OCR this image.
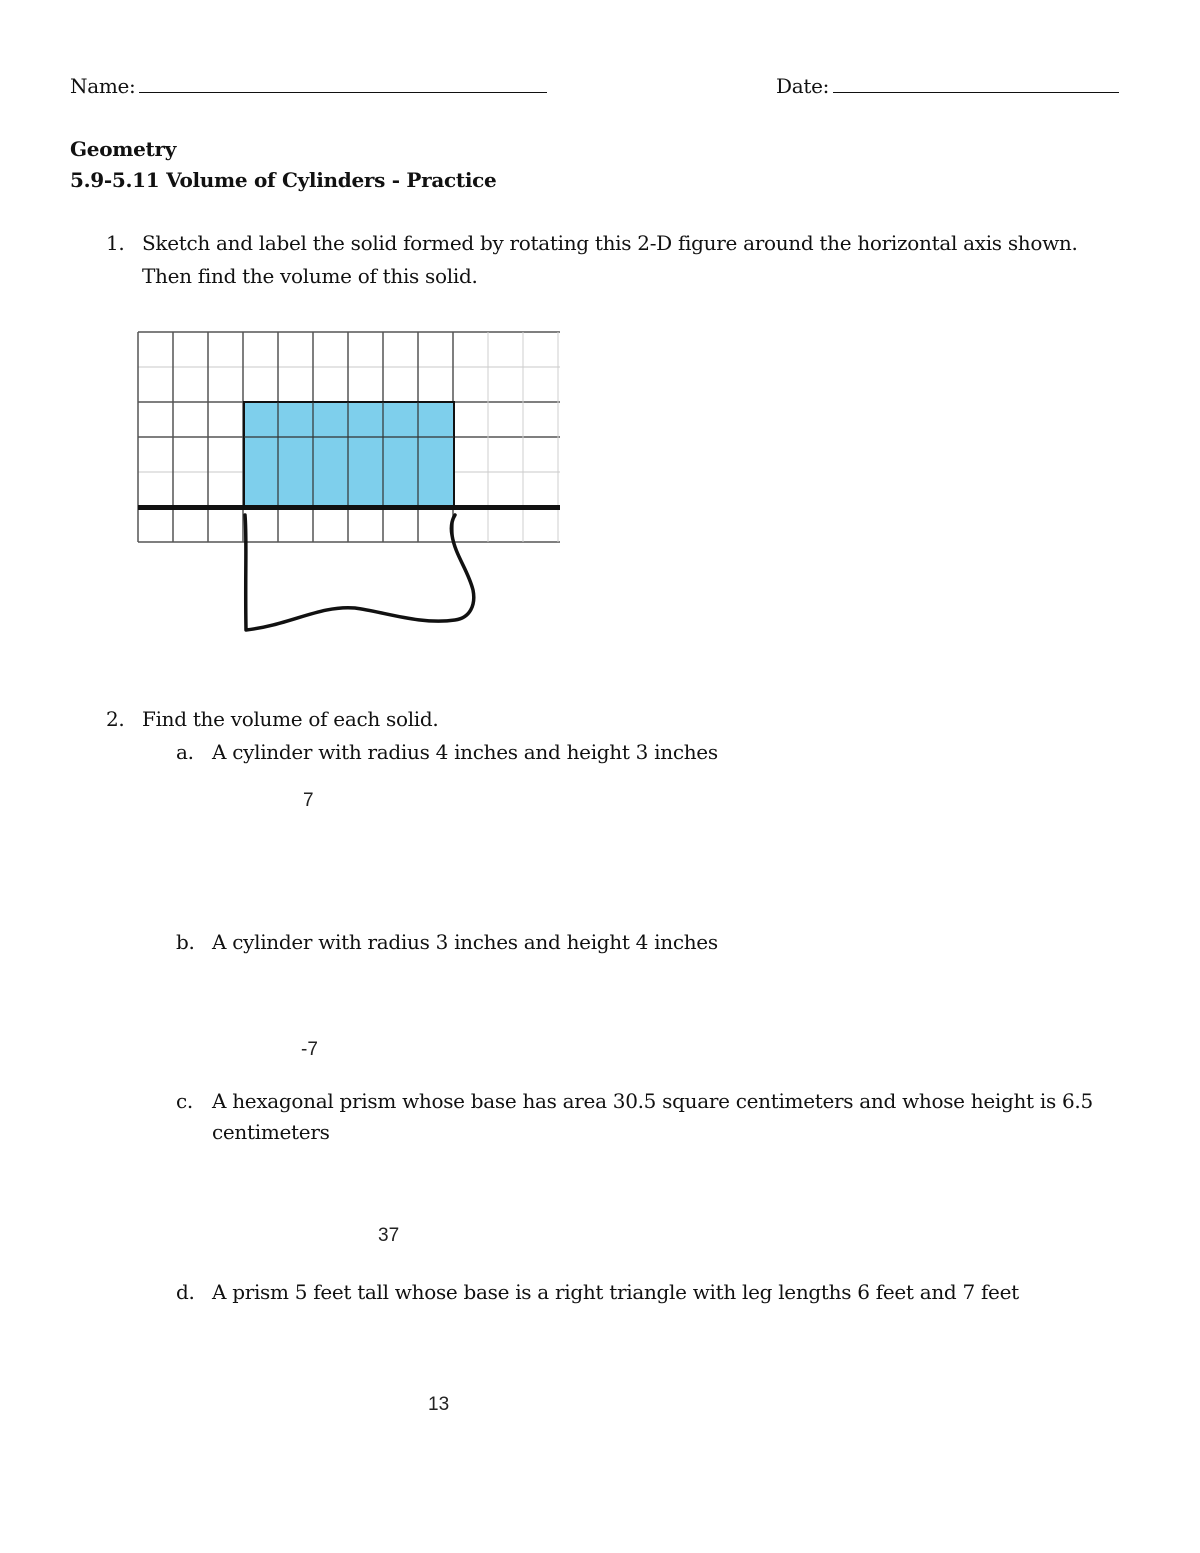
Name:	Date:
Geometry
5.9-5.11 Volume of Cylinders - Practice
1. Sketch and label the solid formed by rotating this 2-D figure around the horizontal axis shown.
Then find the volume of this solid.
2. Find the volume of each solid.
a. A cylinder with radius 4 inches and height 3 inches
7
b. A cylinder with radius 3 inches and height 4 inches
-7
c. A hexagonal prism whose base has area 30.5 square centimeters and whose height is 6.5
centimeters
37
d. A prism 5 feet tall whose base is a right triangle with leg lengths 6 feet and 7 feet
13
